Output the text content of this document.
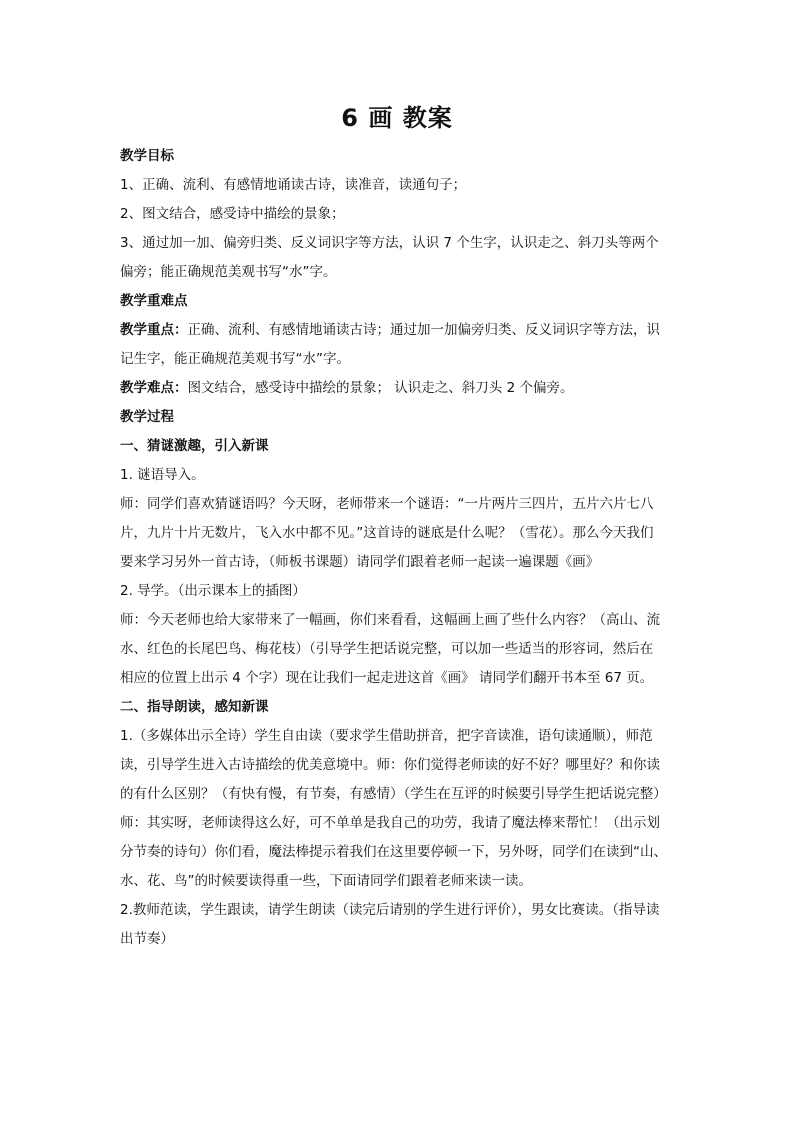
6 画 教案
教学目标
1、正确、流利、有感情地诵读古诗，读准音，读通句子；
2、图文结合，感受诗中描绘的景象；
3、通过加一加、偏旁归类、反义词识字等方法，认识 7 个生字，认识走之、斜刀头等两个
偏旁；能正确规范美观书写“水”字。
教学重难点
教学重点：正确、流利、有感情地诵读古诗；通过加一加偏旁归类、反义词识字等方法，识
记生字，能正确规范美观书写“水”字。
教学难点：图文结合，感受诗中描绘的景象； 认识走之、斜刀头 2 个偏旁。
教学过程
一、猜谜激趣，引入新课
1. 谜语导入。
师：同学们喜欢猜谜语吗？今天呀，老师带来一个谜语：“一片两片三四片，五片六片七八
片，九片十片无数片，飞入水中都不见。”这首诗的谜底是什么呢？（雪花）。那么今天我们
要来学习另外一首古诗，（师板书课题）请同学们跟着老师一起读一遍课题《画》
2. 导学。（出示课本上的插图）
师：今天老师也给大家带来了一幅画，你们来看看，这幅画上画了些什么内容？（高山、流
水、红色的长尾巴鸟、梅花枝）（引导学生把话说完整，可以加一些适当的形容词，然后在
相应的位置上出示 4 个字）现在让我们一起走进这首《画》 请同学们翻开书本至 67 页。
二、指导朗读，感知新课
1.（多媒体出示全诗）学生自由读（要求学生借助拼音，把字音读准，语句读通顺），师范
读，引导学生进入古诗描绘的优美意境中。师：你们觉得老师读的好不好？哪里好？和你读
的有什么区别？（有快有慢，有节奏，有感情）（学生在互评的时候要引导学生把话说完整）
师：其实呀，老师读得这么好，可不单单是我自己的功劳，我请了魔法棒来帮忙！（出示划
分节奏的诗句）你们看，魔法棒提示着我们在这里要停顿一下，另外呀，同学们在读到“山、
水、花、鸟”的时候要读得重一些，下面请同学们跟着老师来读一读。
2.教师范读，学生跟读，请学生朗读（读完后请别的学生进行评价），男女比赛读。（指导读
出节奏）
